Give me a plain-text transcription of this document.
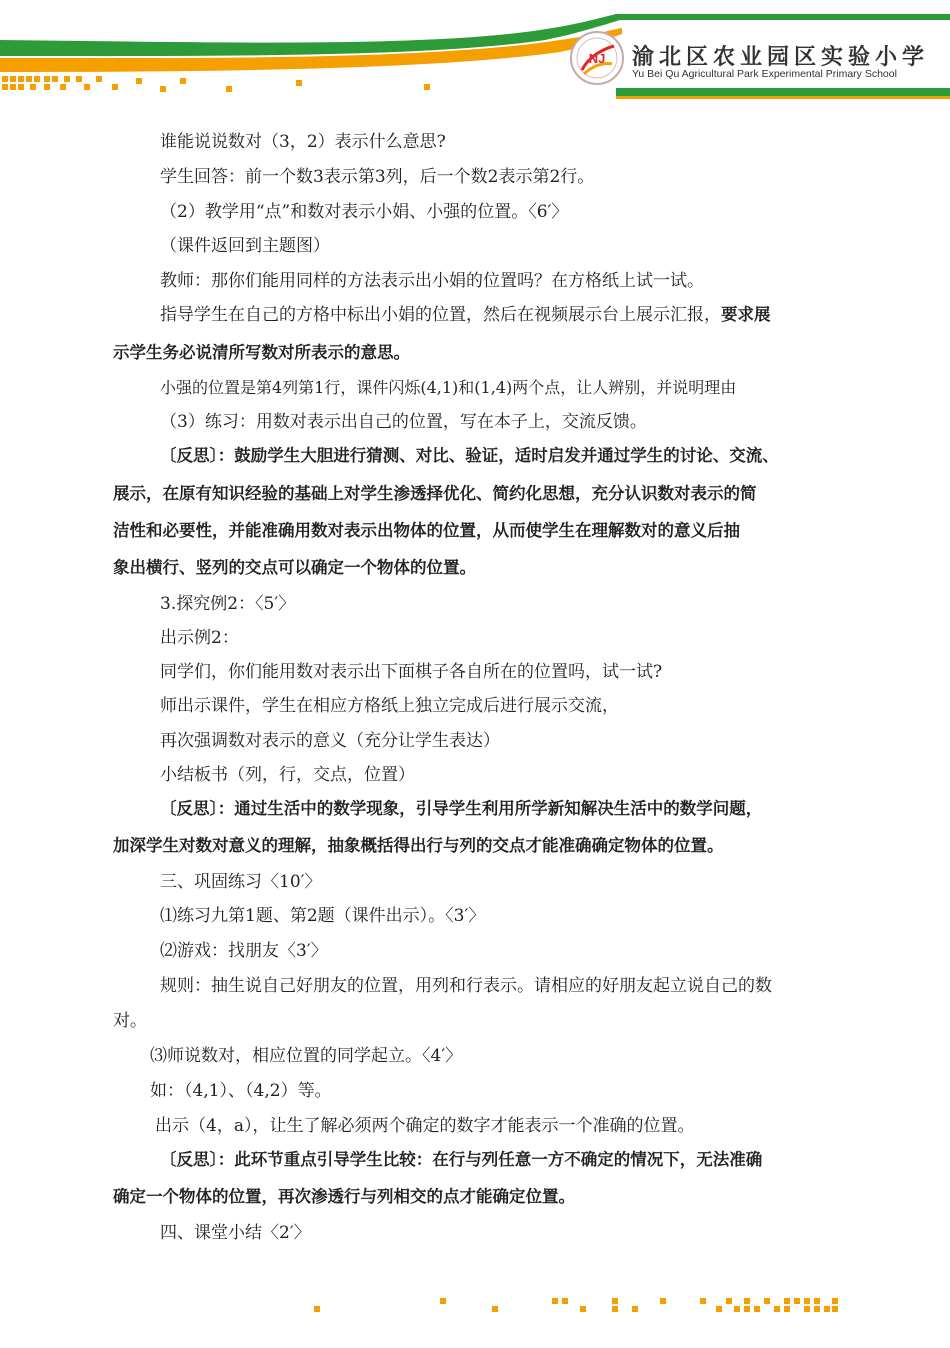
NJ 渝北区农业园区实验小学
Yu Bei Qu Agricultural Park Experimental Primary School
谁能说说数对（3，2）表示什么意思?
学生回答：前一个数3表示第3列，后一个数2表示第2行。
（2）教学用“点”和数对表示小娟、小强的位置。〈6′〉
（课件返回到主题图）
教师：那你们能用同样的方法表示出小娟的位置吗？在方格纸上试一试。
指导学生在自己的方格中标出小娟的位置，然后在视频展示台上展示汇报，要求展
示学生务必说清所写数对所表示的意思。
小强的位置是第4列第1行，课件闪烁(4,1)和(1,4)两个点，让人辨别，并说明理由
（3）练习：用数对表示出自己的位置，写在本子上，交流反馈。
〔反思〕：鼓励学生大胆进行猜测、对比、验证，适时启发并通过学生的讨论、交流、
展示，在原有知识经验的基础上对学生渗透择优化、简约化思想，充分认识数对表示的简
洁性和必要性，并能准确用数对表示出物体的位置，从而使学生在理解数对的意义后抽
象出横行、竖列的交点可以确定一个物体的位置。
3.探究例2：〈5′〉
出示例2：
同学们，你们能用数对表示出下面棋子各自所在的位置吗，试一试?
师出示课件，学生在相应方格纸上独立完成后进行展示交流，
再次强调数对表示的意义（充分让学生表达）
小结板书（列，行，交点，位置）
〔反思〕：通过生活中的数学现象，引导学生利用所学新知解决生活中的数学问题，
加深学生对数对意义的理解，抽象概括得出行与列的交点才能准确确定物体的位置。
三、巩固练习〈10′〉
⑴练习九第1题、第2题（课件出示）。〈3′〉
⑵游戏：找朋友〈3′〉
规则：抽生说自己好朋友的位置，用列和行表示。请相应的好朋友起立说自己的数
对。
⑶师说数对，相应位置的同学起立。〈4′〉
如：（4,1）、（4,2）等。
出示（4，a），让生了解必须两个确定的数字才能表示一个准确的位置。
〔反思〕：此环节重点引导学生比较：在行与列任意一方不确定的情况下，无法准确
确定一个物体的位置，再次渗透行与列相交的点才能确定位置。
四、课堂小结〈2′〉
